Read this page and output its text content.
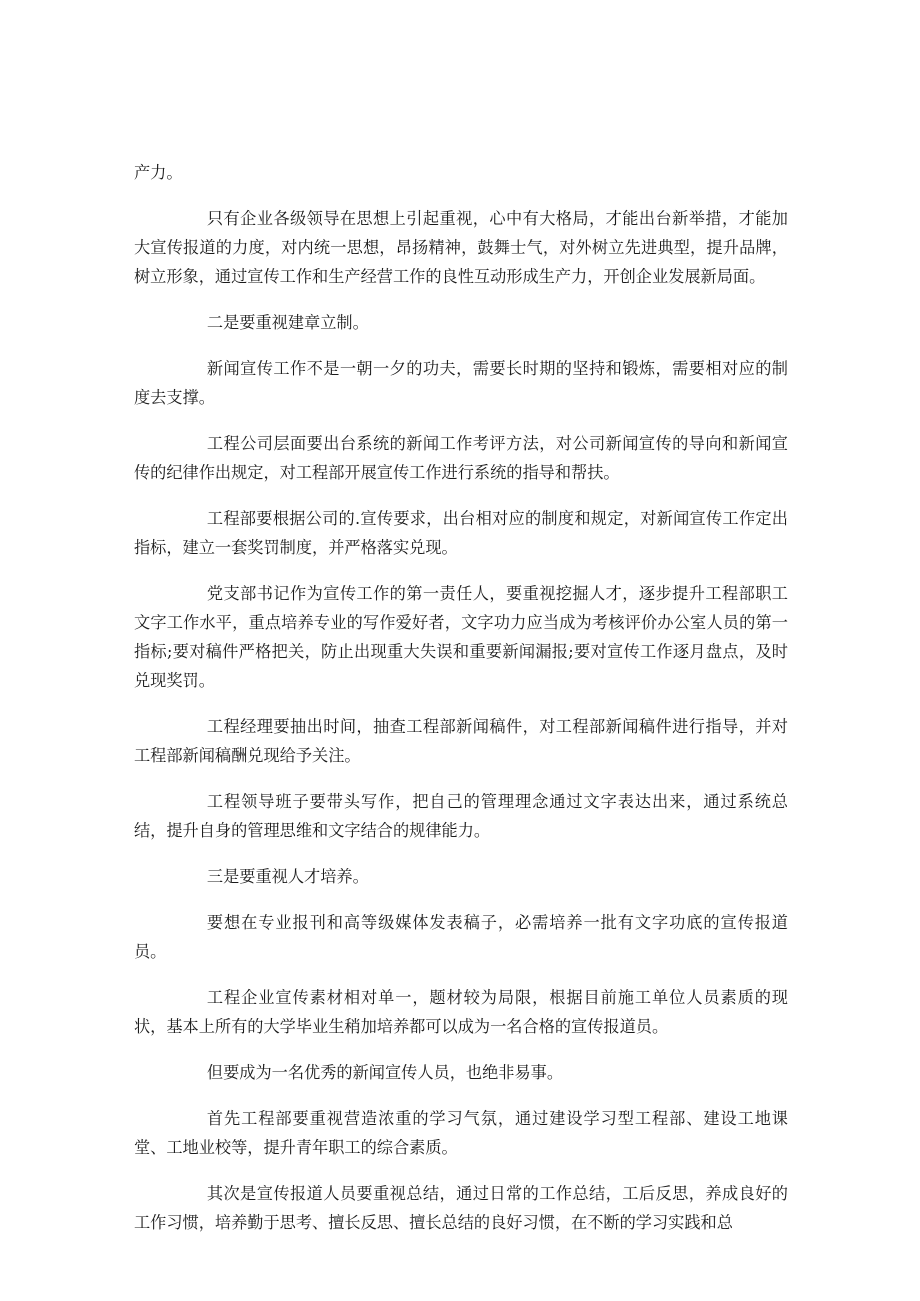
产力。

只有企业各级领导在思想上引起重视，心中有大格局，才能出台新举措，才能加大宣传报道的力度，对内统一思想，昂扬精神，鼓舞士气，对外树立先进典型，提升品牌，树立形象，通过宣传工作和生产经营工作的良性互动形成生产力，开创企业发展新局面。

二是要重视建章立制。

新闻宣传工作不是一朝一夕的功夫，需要长时期的坚持和锻炼，需要相对应的制度去支撑。

工程公司层面要出台系统的新闻工作考评方法，对公司新闻宣传的导向和新闻宣传的纪律作出规定，对工程部开展宣传工作进行系统的指导和帮扶。

工程部要根据公司的.宣传要求，出台相对应的制度和规定，对新闻宣传工作定出指标，建立一套奖罚制度，并严格落实兑现。

党支部书记作为宣传工作的第一责任人，要重视挖掘人才，逐步提升工程部职工文字工作水平，重点培养专业的写作爱好者，文字功力应当成为考核评价办公室人员的第一指标;要对稿件严格把关，防止出现重大失误和重要新闻漏报;要对宣传工作逐月盘点，及时兑现奖罚。

工程经理要抽出时间，抽查工程部新闻稿件，对工程部新闻稿件进行指导，并对工程部新闻稿酬兑现给予关注。

工程领导班子要带头写作，把自己的管理理念通过文字表达出来，通过系统总结，提升自身的管理思维和文字结合的规律能力。

三是要重视人才培养。

要想在专业报刊和高等级媒体发表稿子，必需培养一批有文字功底的宣传报道员。

工程企业宣传素材相对单一，题材较为局限，根据目前施工单位人员素质的现状，基本上所有的大学毕业生稍加培养都可以成为一名合格的宣传报道员。

但要成为一名优秀的新闻宣传人员，也绝非易事。

首先工程部要重视营造浓重的学习气氛，通过建设学习型工程部、建设工地课堂、工地业校等，提升青年职工的综合素质。

其次是宣传报道人员要重视总结，通过日常的工作总结，工后反思，养成良好的工作习惯，培养勤于思考、擅长反思、擅长总结的良好习惯，在不断的学习实践和总
